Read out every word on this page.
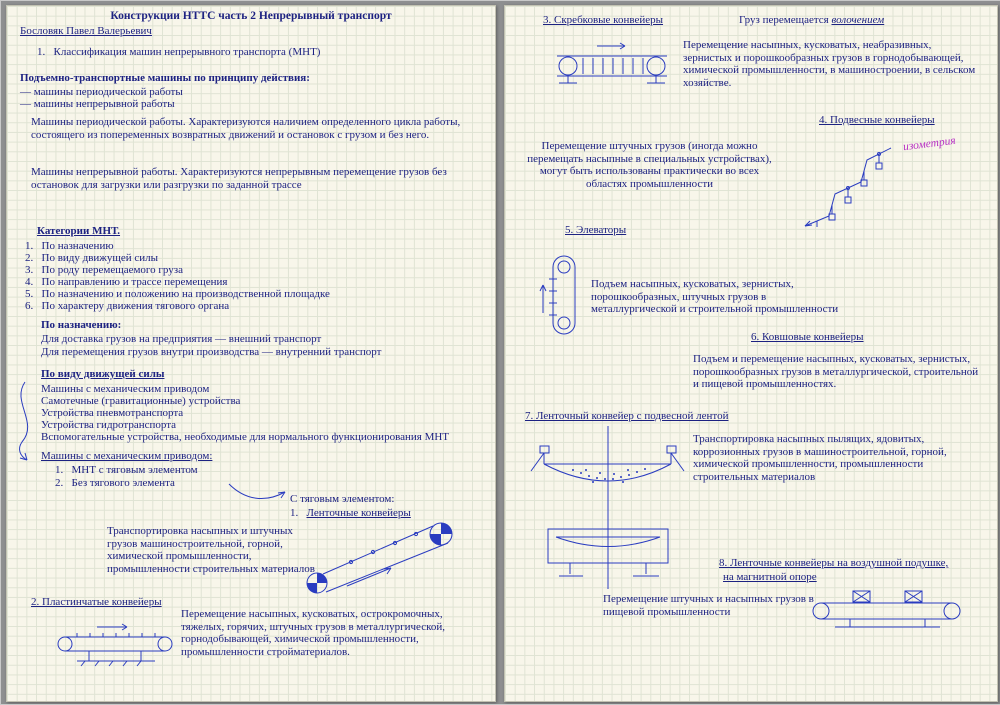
Конструкции НТТС часть 2 Непрерывный транспорт
Бословяк Павел Валерьевич
1.   Классификация машин непрерывного транспорта (МНТ)
Подъемно-транспортные машины по принципу действия:
— машины периодической работы
— машины непрерывной работы
Машины периодической работы. Характеризуются наличием определенного цикла работы, состоящего из попеременных возвратных движений и остановок с грузом и без него.
Машины непрерывной работы. Характеризуются непрерывным перемещение грузов без остановок для загрузки или разгрузки по заданной трассе
Категории МНТ.
1.   По назначению
2.   По виду движущей силы
3.   По роду перемещаемого груза
4.   По направлению и трассе перемещения
5.   По назначению и положению на производственной площадке
6.   По характеру движения тягового органа
По назначению:
Для доставка грузов на предприятия — внешний транспорт
Для перемещения грузов внутри производства — внутренний транспорт
По виду движущей силы
Машины с механическим приводом
Самотечные (гравитационные) устройства
Устройства пневмотранспорта
Устройства гидротранспорта
Вспомогательные устройства, необходимые для нормального функционирования МНТ
Машины с механическим приводом:
1.   МНТ с тяговым элементом
2.   Без тягового элемента
С тяговым элементом:
1.   Ленточные конвейеры
Транспортировка насыпных и штучных грузов машиностроительной, горной, химической промышленности, промышленности строительных материалов
2. Пластинчатые конвейеры
Перемещение насыпных, кусковатых, острокромочных, тяжелых, горячих, штучных грузов в металлургической, горнодобывающей, химической промышленности, промышленности стройматериалов.
3. Скребковые конвейеры	Груз перемещается волочением
Перемещение насыпных, кусковатых, неабразивных, зернистых и порошкообразных грузов в горнодобывающей, химической промышленности, в машиностроении, в сельском хозяйстве.
4. Подвесные конвейеры
изометрия
Перемещение штучных грузов (иногда можно перемещать насыпные в специальных устройствах), могут быть использованы практически во всех областях промышленности
5. Элеваторы
Подъем насыпных, кусковатых, зернистых, порошкообразных, штучных грузов в металлургической и строительной промышленности
6. Ковшовые конвейеры
Подъем и перемещение насыпных, кусковатых, зернистых, порошкообразных грузов в металлургической, строительной и пищевой промышленностях.
7. Ленточный конвейер с подвесной лентой
Транспортировка насыпных пылящих, ядовитых, коррозионных грузов в машиностроительной, горной, химической промышленности, промышленности строительных материалов
8. Ленточные конвейеры на воздушной подушке,
на магнитной опоре
Перемещение штучных и насыпных грузов в пищевой промышленности
